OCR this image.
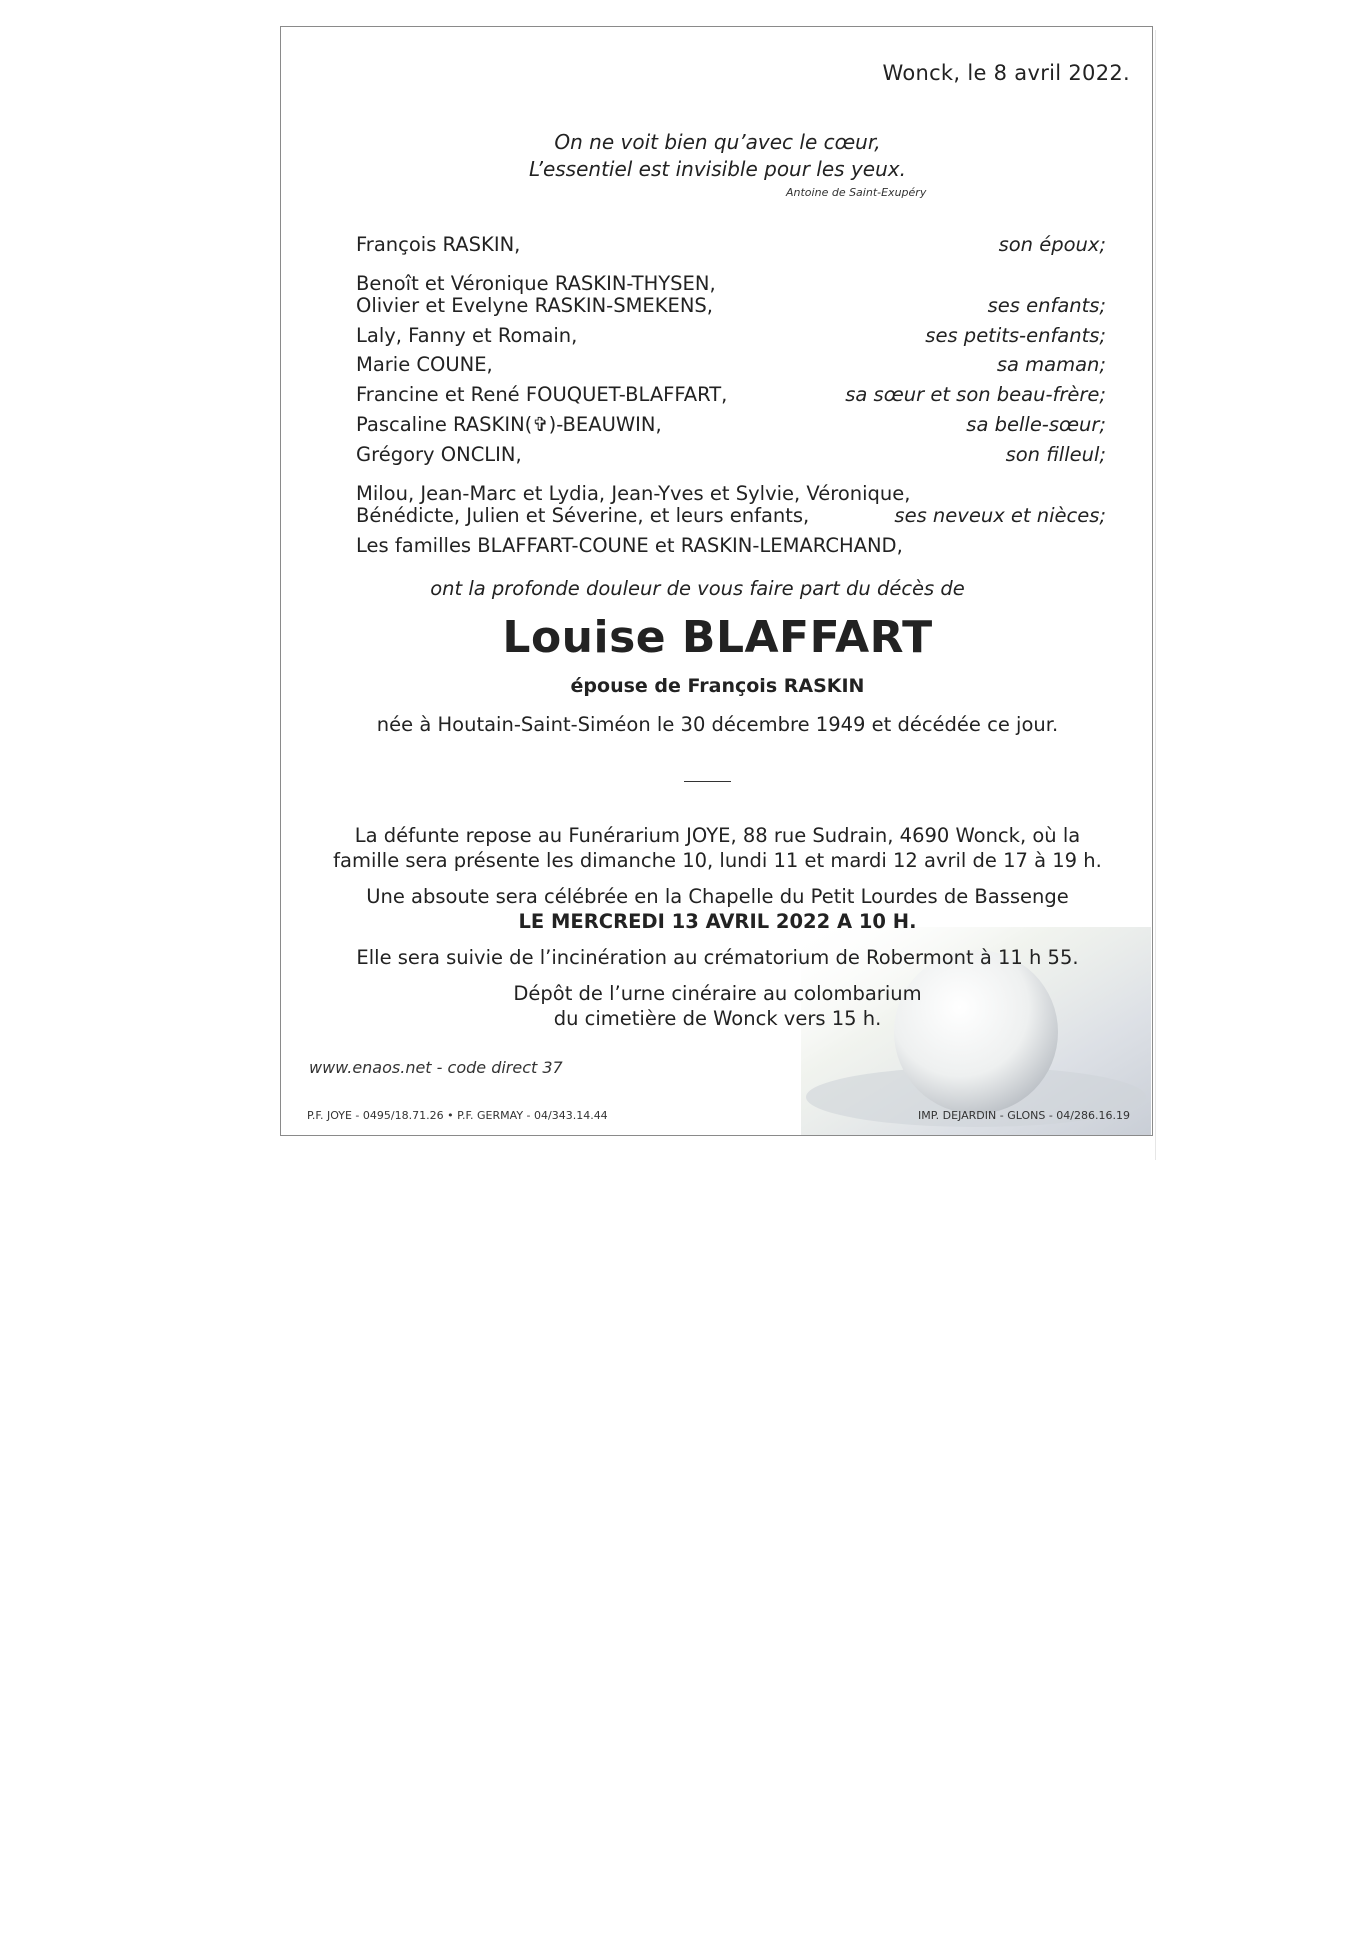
Wonck, le 8 avril 2022.
On ne voit bien qu’avec le cœur,
L’essentiel est invisible pour les yeux.
Antoine de Saint-Exupéry
François RASKIN,	son époux;
Benoît et Véronique RASKIN-THYSEN,
Olivier et Evelyne RASKIN-SMEKENS,	ses enfants;
Laly, Fanny et Romain,	ses petits-enfants;
Marie COUNE,	sa maman;
Francine et René FOUQUET-BLAFFART,	sa sœur et son beau-frère;
Pascaline RASKIN(✞)-BEAUWIN,	sa belle-sœur;
Grégory ONCLIN,	son filleul;
Milou, Jean-Marc et Lydia, Jean-Yves et Sylvie, Véronique,
Bénédicte, Julien et Séverine, et leurs enfants,	ses neveux et nièces;
Les familles BLAFFART-COUNE et RASKIN-LEMARCHAND,
ont la profonde douleur de vous faire part du décès de
Louise BLAFFART
épouse de François RASKIN
née à Houtain-Saint-Siméon le 30 décembre 1949 et décédée ce jour.
La défunte repose au Funérarium JOYE, 88 rue Sudrain, 4690 Wonck, où la
famille sera présente les dimanche 10, lundi 11 et mardi 12 avril de 17 à 19 h.
Une absoute sera célébrée en la Chapelle du Petit Lourdes de Bassenge
LE MERCREDI 13 AVRIL 2022 A 10 H.
Elle sera suivie de l’incinération au crématorium de Robermont à 11 h 55.
Dépôt de l’urne cinéraire au colombarium
du cimetière de Wonck vers 15 h.
www.enaos.net - code direct 37
P.F. JOYE - 0495/18.71.26 • P.F. GERMAY - 04/343.14.44	IMP. DEJARDIN - GLONS - 04/286.16.19
